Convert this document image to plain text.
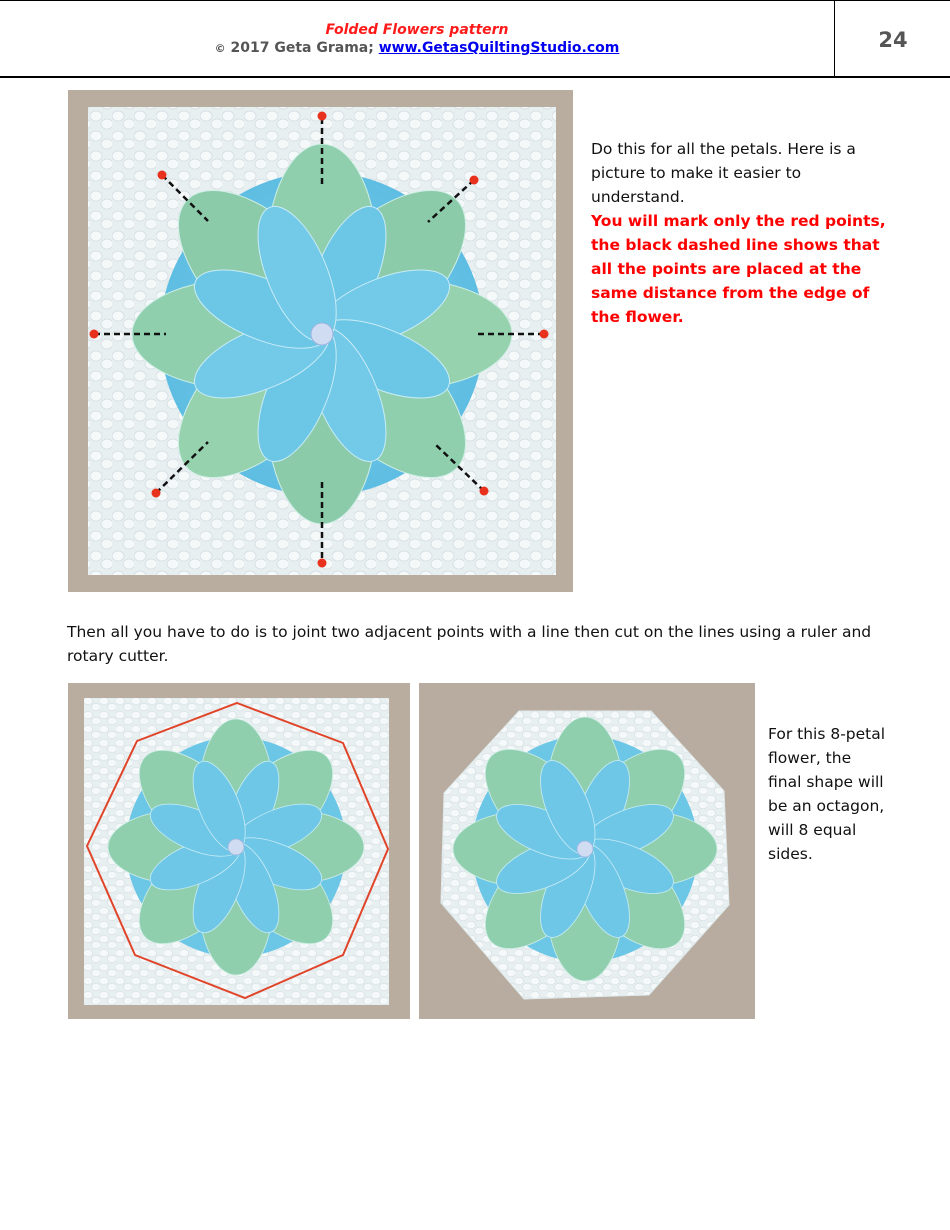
Folded Flowers pattern
© 2017 Geta Grama; www.GetasQuiltingStudio.com	24
Do this for all the petals. Here is a picture to make it easier to understand.
You will mark only the red points, the black dashed line shows that all the points are placed at the same distance from the edge of the flower.
Then all you have to do is to joint two adjacent points with a line then cut on the lines using a ruler and rotary cutter.
For this 8-petal flower, the final shape will be an octagon, will 8 equal sides.
